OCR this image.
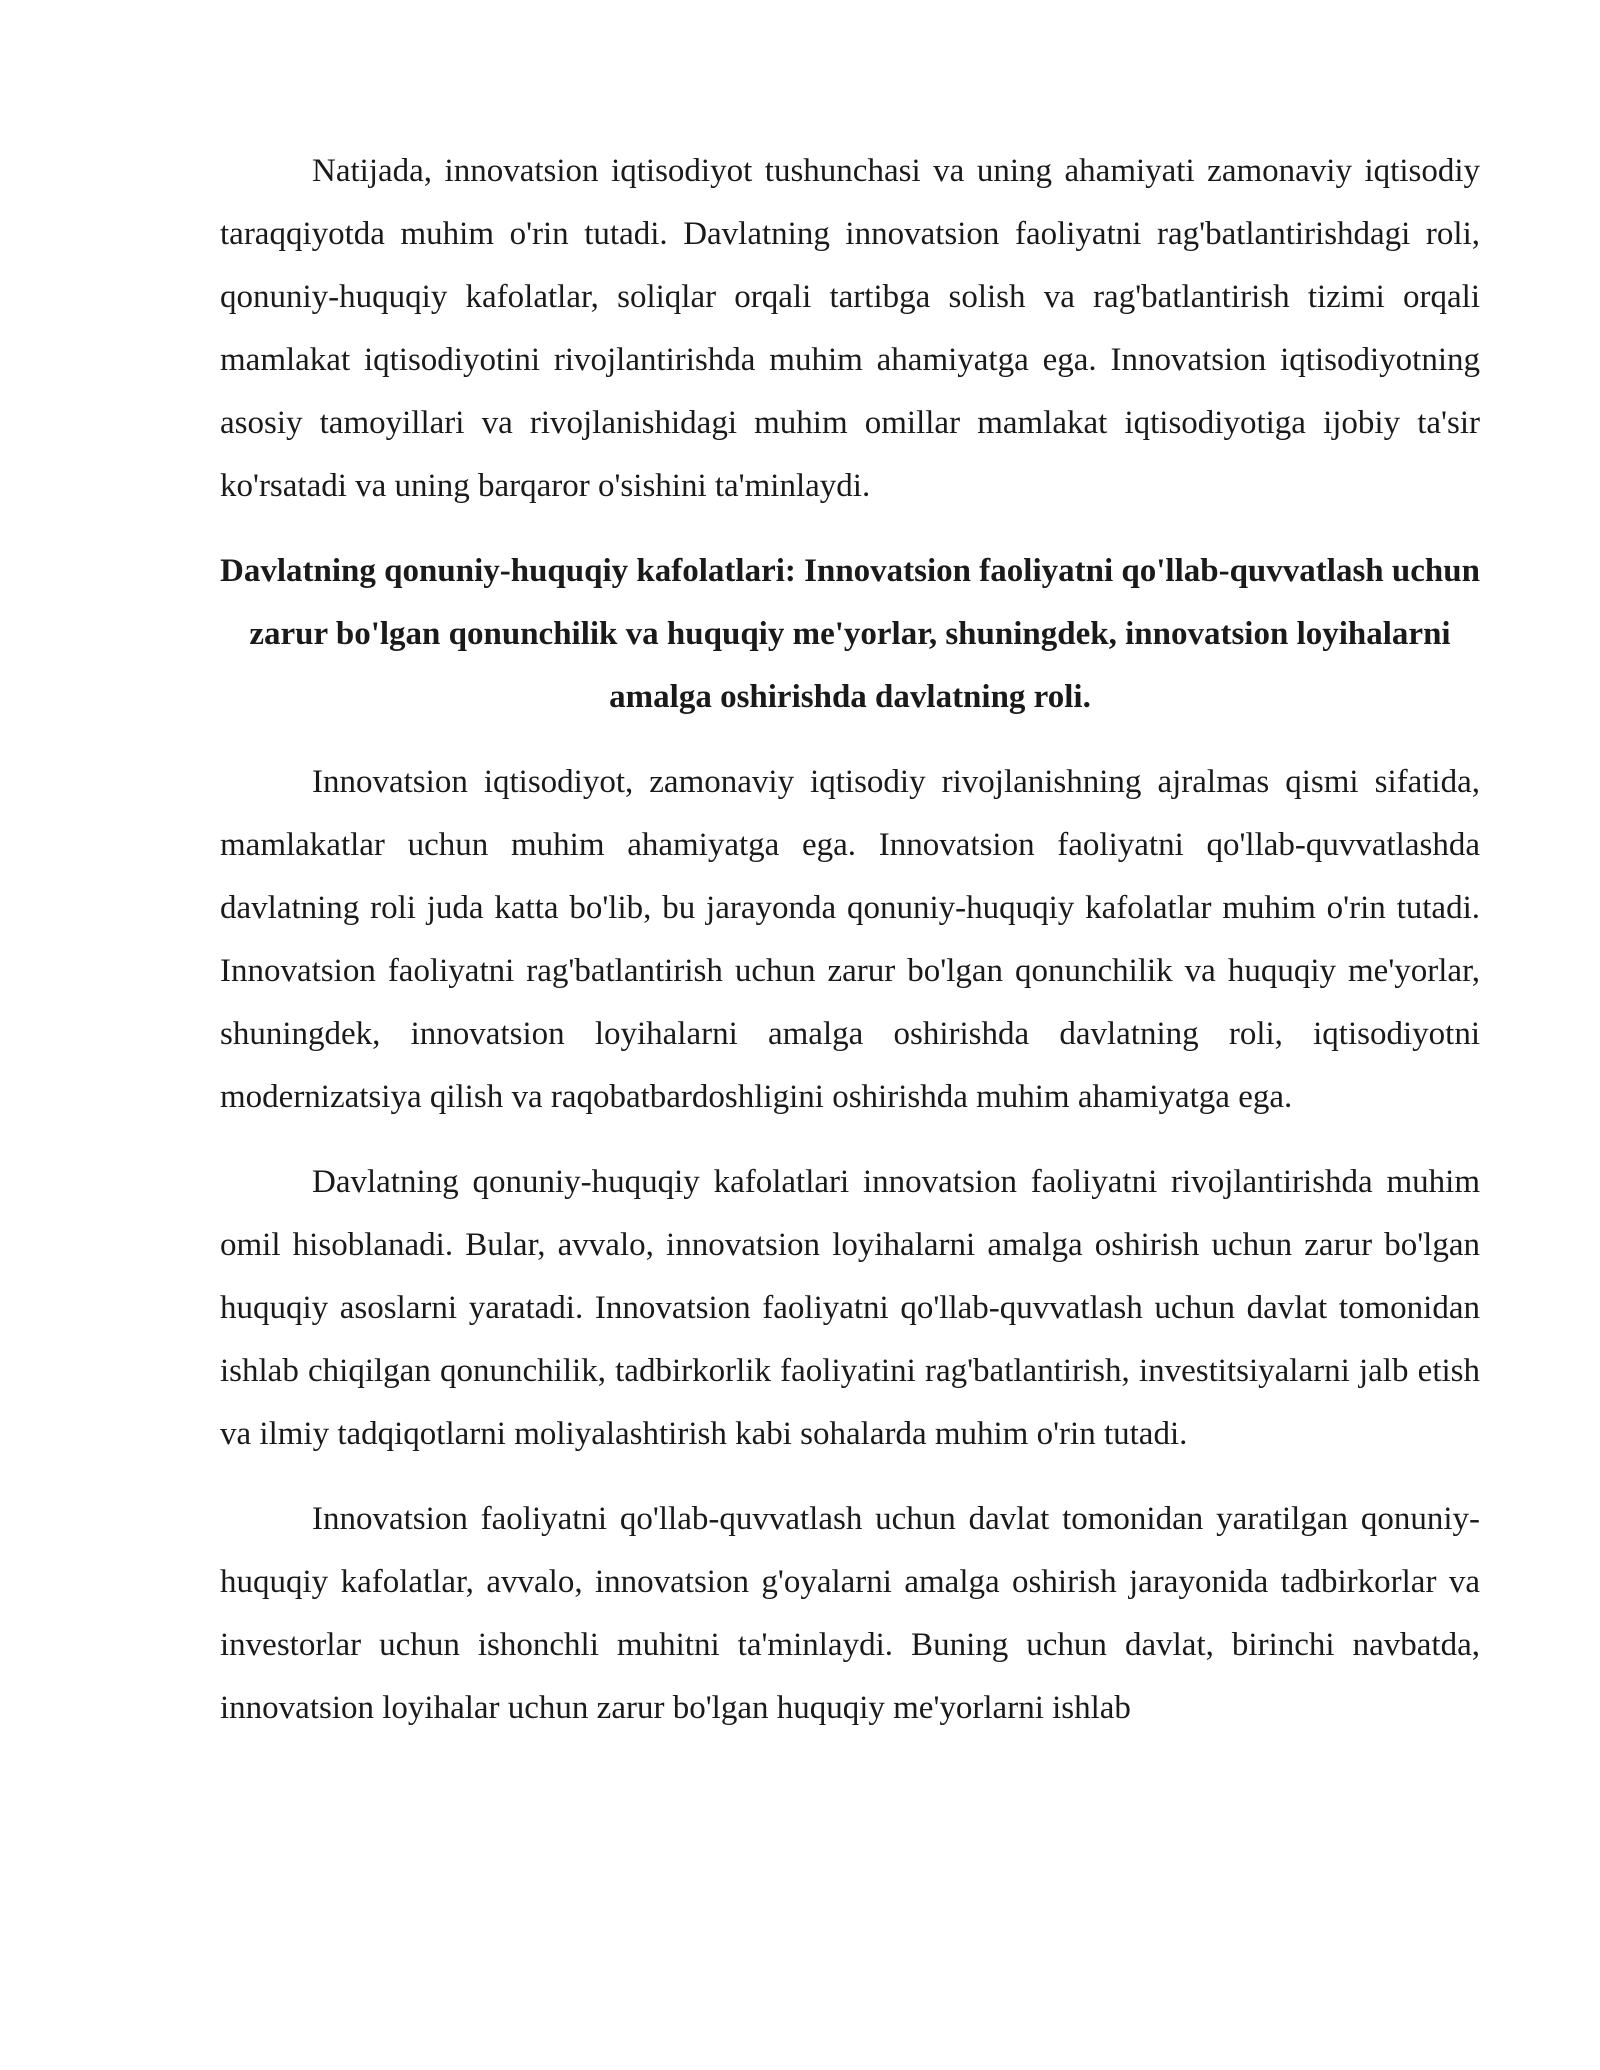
Natijada, innovatsion iqtisodiyot tushunchasi va uning ahamiyati zamonaviy iqtisodiy taraqqiyotda muhim o'rin tutadi. Davlatning innovatsion faoliyatni rag'batlantirishdagi roli, qonuniy-huquqiy kafolatlar, soliqlar orqali tartibga solish va rag'batlantirish tizimi orqali mamlakat iqtisodiyotini rivojlantirishda muhim ahamiyatga ega. Innovatsion iqtisodiyotning asosiy tamoyillari va rivojlanishidagi muhim omillar mamlakat iqtisodiyotiga ijobiy ta'sir ko'rsatadi va uning barqaror o'sishini ta'minlaydi.

Davlatning qonuniy-huquqiy kafolatlari: Innovatsion faoliyatni qo'llab-quvvatlash uchun zarur bo'lgan qonunchilik va huquqiy me'yorlar, shuningdek, innovatsion loyihalarni amalga oshirishda davlatning roli.

Innovatsion iqtisodiyot, zamonaviy iqtisodiy rivojlanishning ajralmas qismi sifatida, mamlakatlar uchun muhim ahamiyatga ega. Innovatsion faoliyatni qo'llab-quvvatlashda davlatning roli juda katta bo'lib, bu jarayonda qonuniy-huquqiy kafolatlar muhim o'rin tutadi. Innovatsion faoliyatni rag'batlantirish uchun zarur bo'lgan qonunchilik va huquqiy me'yorlar, shuningdek, innovatsion loyihalarni amalga oshirishda davlatning roli, iqtisodiyotni modernizatsiya qilish va raqobatbardoshligini oshirishda muhim ahamiyatga ega.

Davlatning qonuniy-huquqiy kafolatlari innovatsion faoliyatni rivojlantirishda muhim omil hisoblanadi. Bular, avvalo, innovatsion loyihalarni amalga oshirish uchun zarur bo'lgan huquqiy asoslarni yaratadi. Innovatsion faoliyatni qo'llab-quvvatlash uchun davlat tomonidan ishlab chiqilgan qonunchilik, tadbirkorlik faoliyatini rag'batlantirish, investitsiyalarni jalb etish va ilmiy tadqiqotlarni moliyalashtirish kabi sohalarda muhim o'rin tutadi.

Innovatsion faoliyatni qo'llab-quvvatlash uchun davlat tomonidan yaratilgan qonuniy-huquqiy kafolatlar, avvalo, innovatsion g'oyalarni amalga oshirish jarayonida tadbirkorlar va investorlar uchun ishonchli muhitni ta'minlaydi. Buning uchun davlat, birinchi navbatda, innovatsion loyihalar uchun zarur bo'lgan huquqiy me'yorlarni ishlab
